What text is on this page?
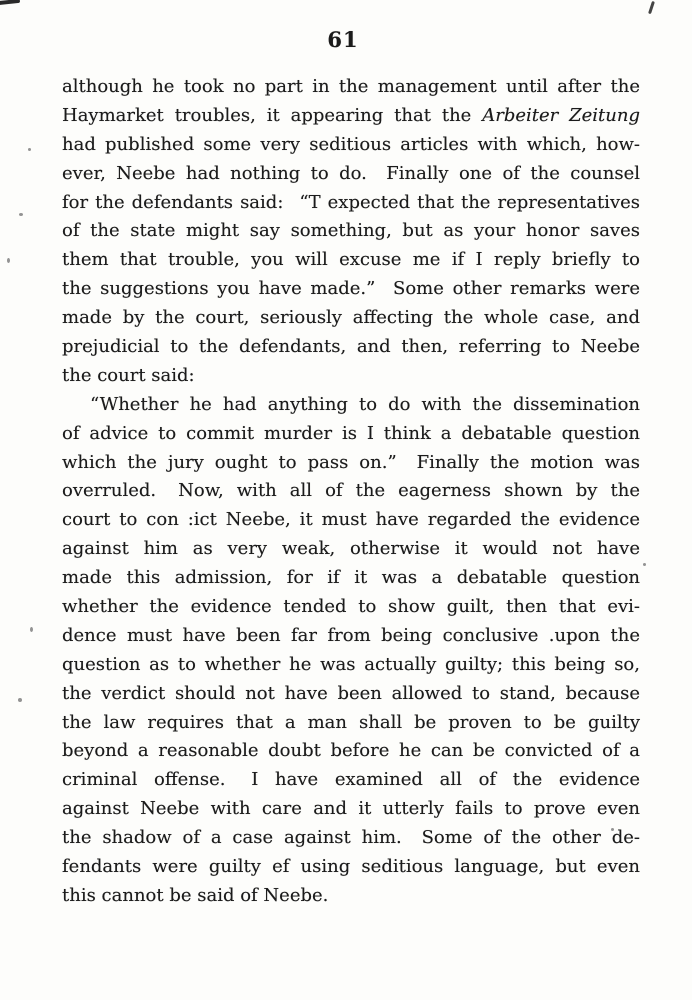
61
although he took no part in the management until after the
Haymarket troubles, it appearing that the Arbeiter Zeitung
had published some very seditious articles with which, how-
ever, Neebe had nothing to do.  Finally one of the counsel
for the defendants said:  “T expected that the representatives
of the state might say something, but as your honor saves
them that trouble, you will excuse me if I reply briefly to
the suggestions you have made.”  Some other remarks were
made by the court, seriously affecting the whole case, and
prejudicial to the defendants, and then, referring to Neebe
the court said:
“Whether he had anything to do with the dissemination
of advice to commit murder is I think a debatable question
which the jury ought to pass on.”  Finally the motion was
overruled.  Now, with all of the eagerness shown by the
court to con :ict Neebe, it must have regarded the evidence
against him as very weak, otherwise it would not have
made this admission, for if it was a debatable question
whether the evidence tended to show guilt, then that evi-
dence must have been far from being conclusive .upon the
question as to whether he was actually guilty; this being so,
the verdict should not have been allowed to stand, because
the law requires that a man shall be proven to be guilty
beyond a reasonable doubt before he can be convicted of a
criminal offense.  I have examined all of the evidence
against Neebe with care and it utterly fails to prove even
the shadow of a case against him.  Some of the other de-
fendants were guilty ef using seditious language, but even
this cannot be said of Neebe.
